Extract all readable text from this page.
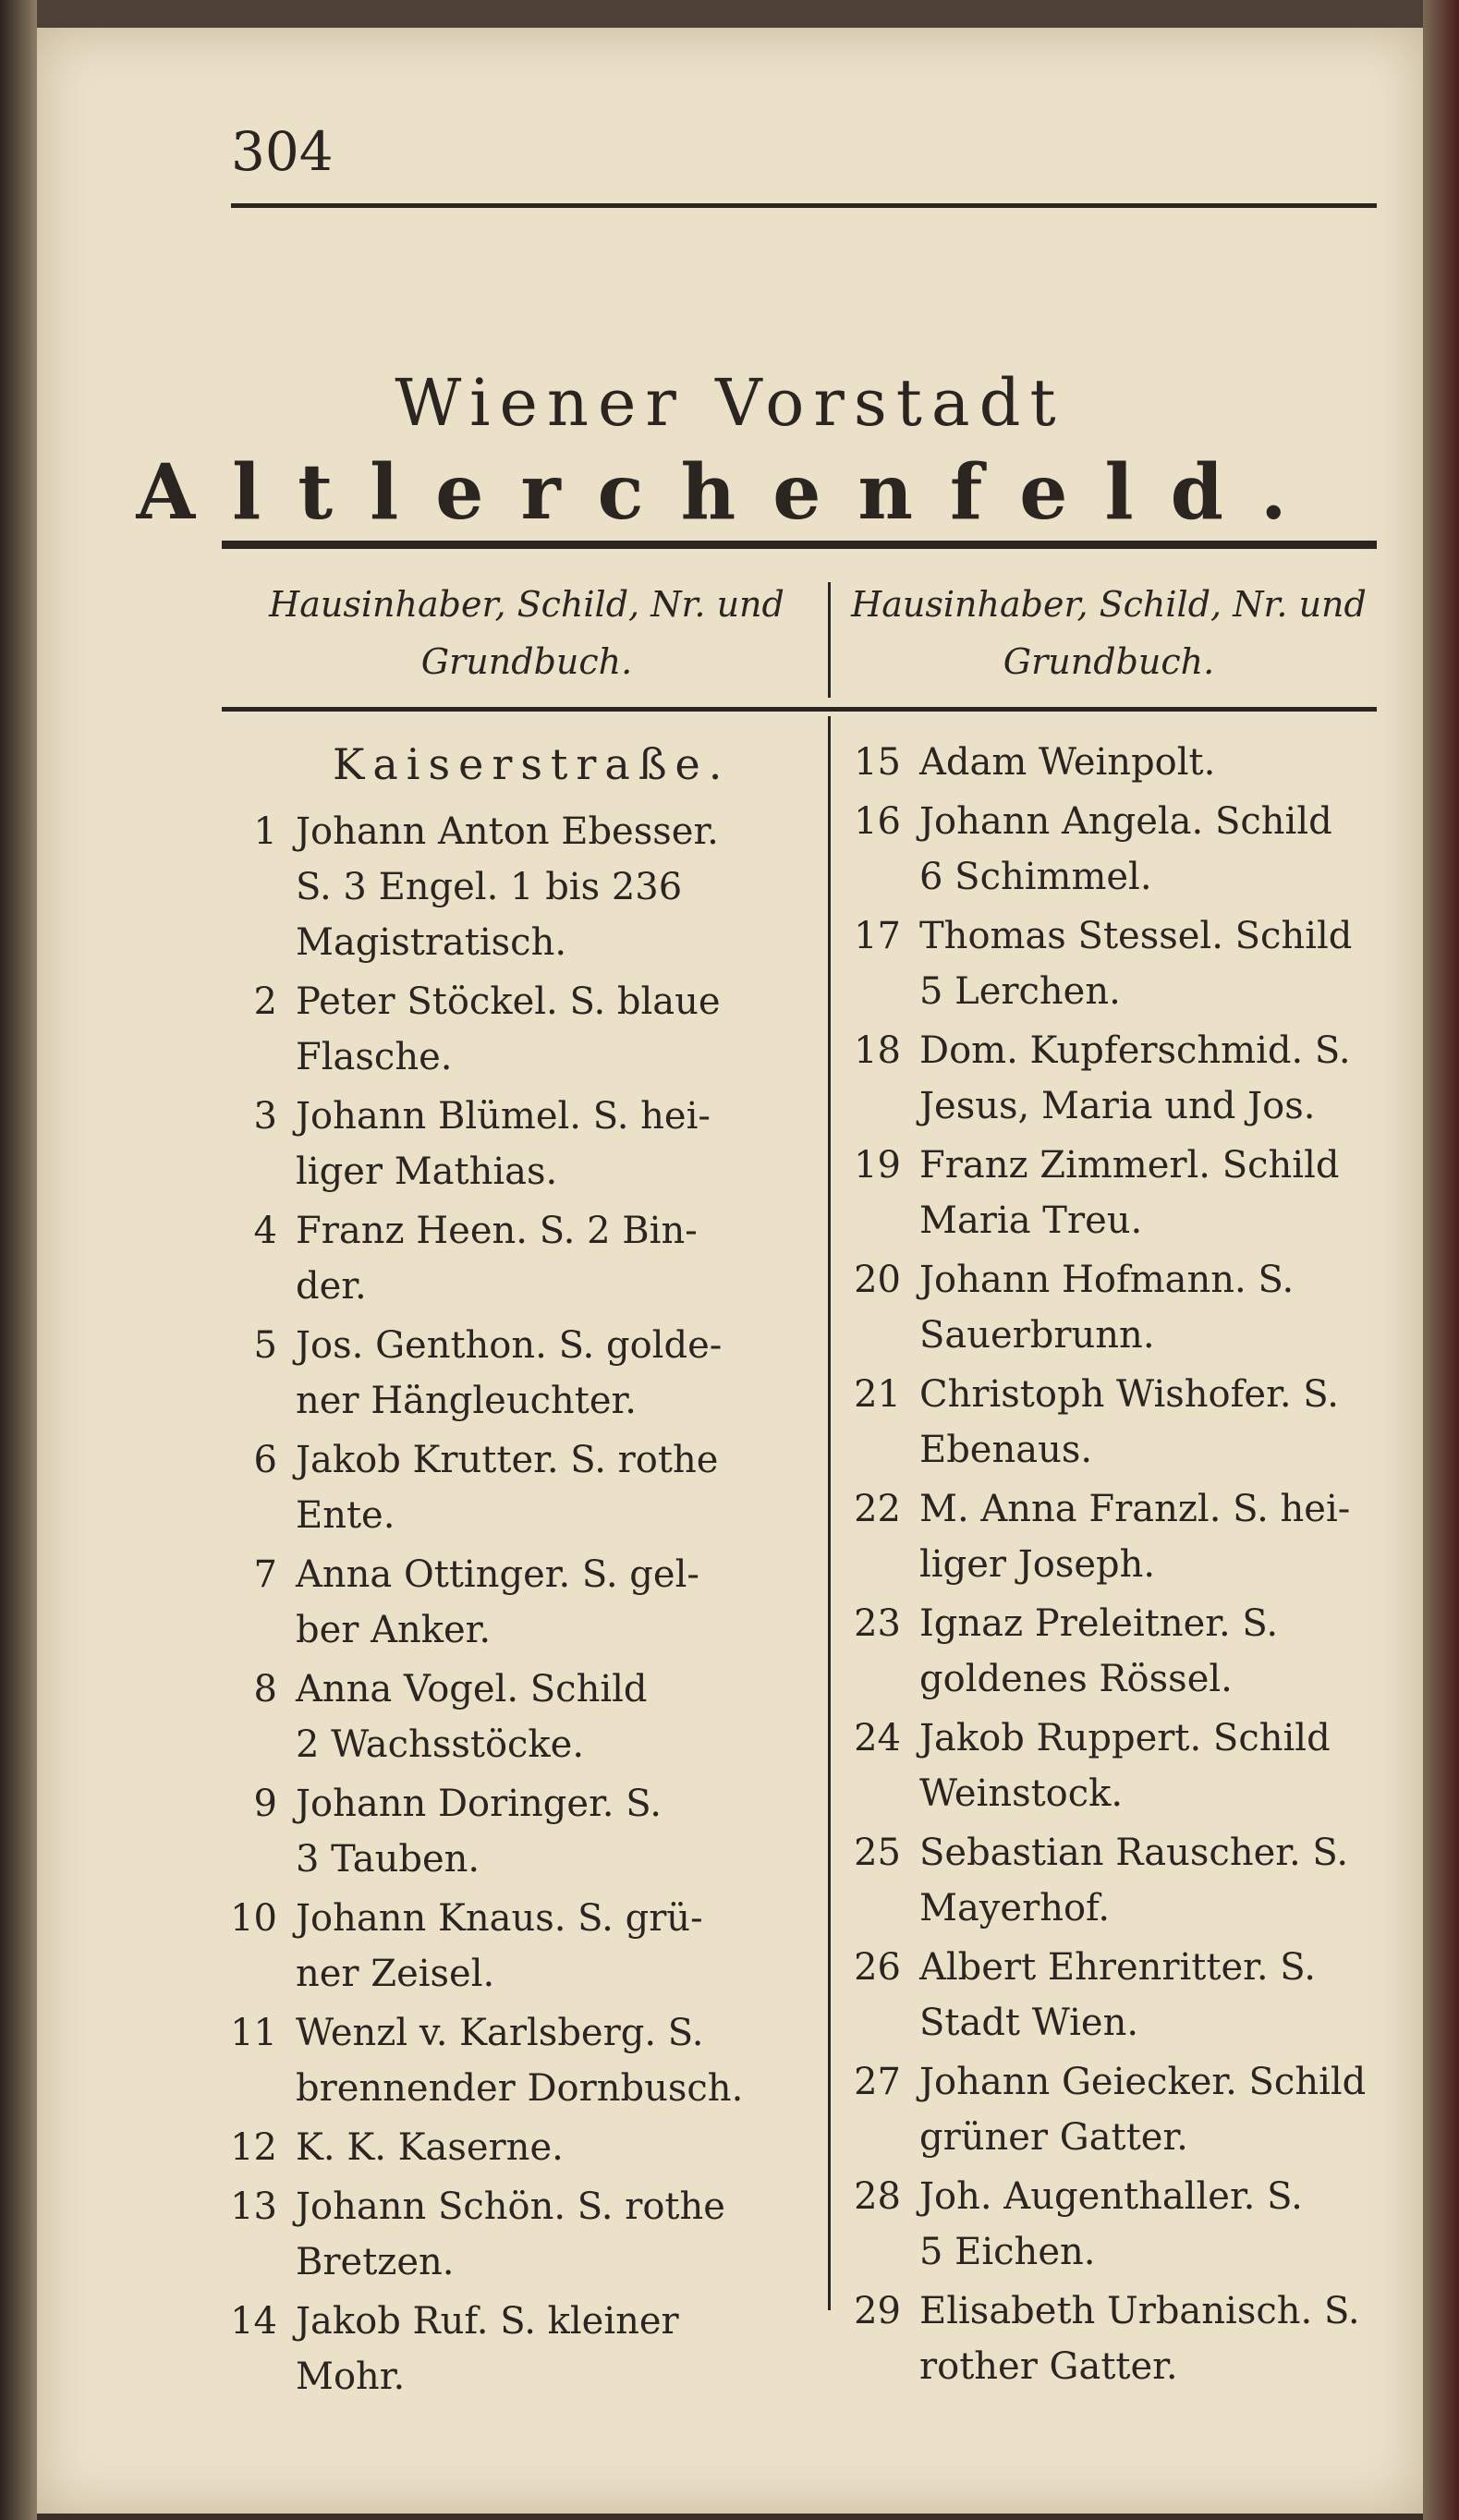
304
Wiener Vorstadt
Altlerchenfeld.
Hausinhaber, Schild, Nr. und
Grundbuch.
Hausinhaber, Schild, Nr. und
Grundbuch.
Kaiserstraße.
1 Johann Anton Ebesser.
S. 3 Engel. 1 bis 236
Magistratisch.
2 Peter Stöckel. S. blaue
Flasche.
3 Johann Blümel. S. hei-
liger Mathias.
4 Franz Heen. S. 2 Bin-
der.
5 Jos. Genthon. S. golde-
ner Hängleuchter.
6 Jakob Krutter. S. rothe
Ente.
7 Anna Ottinger. S. gel-
ber Anker.
8 Anna Vogel. Schild
2 Wachsstöcke.
9 Johann Doringer. S.
3 Tauben.
10 Johann Knaus. S. grü-
ner Zeisel.
11 Wenzl v. Karlsberg. S.
brennender Dornbusch.
12 K. K. Kaserne.
13 Johann Schön. S. rothe
Bretzen.
14 Jakob Ruf. S. kleiner
Mohr.
15 Adam Weinpolt.
16 Johann Angela. Schild
6 Schimmel.
17 Thomas Stessel. Schild
5 Lerchen.
18 Dom. Kupferschmid. S.
Jesus, Maria und Jos.
19 Franz Zimmerl. Schild
Maria Treu.
20 Johann Hofmann. S.
Sauerbrunn.
21 Christoph Wishofer. S.
Ebenaus.
22 M. Anna Franzl. S. hei-
liger Joseph.
23 Ignaz Preleitner. S.
goldenes Rössel.
24 Jakob Ruppert. Schild
Weinstock.
25 Sebastian Rauscher. S.
Mayerhof.
26 Albert Ehrenritter. S.
Stadt Wien.
27 Johann Geiecker. Schild
grüner Gatter.
28 Joh. Augenthaller. S.
5 Eichen.
29 Elisabeth Urbanisch. S.
rother Gatter.
